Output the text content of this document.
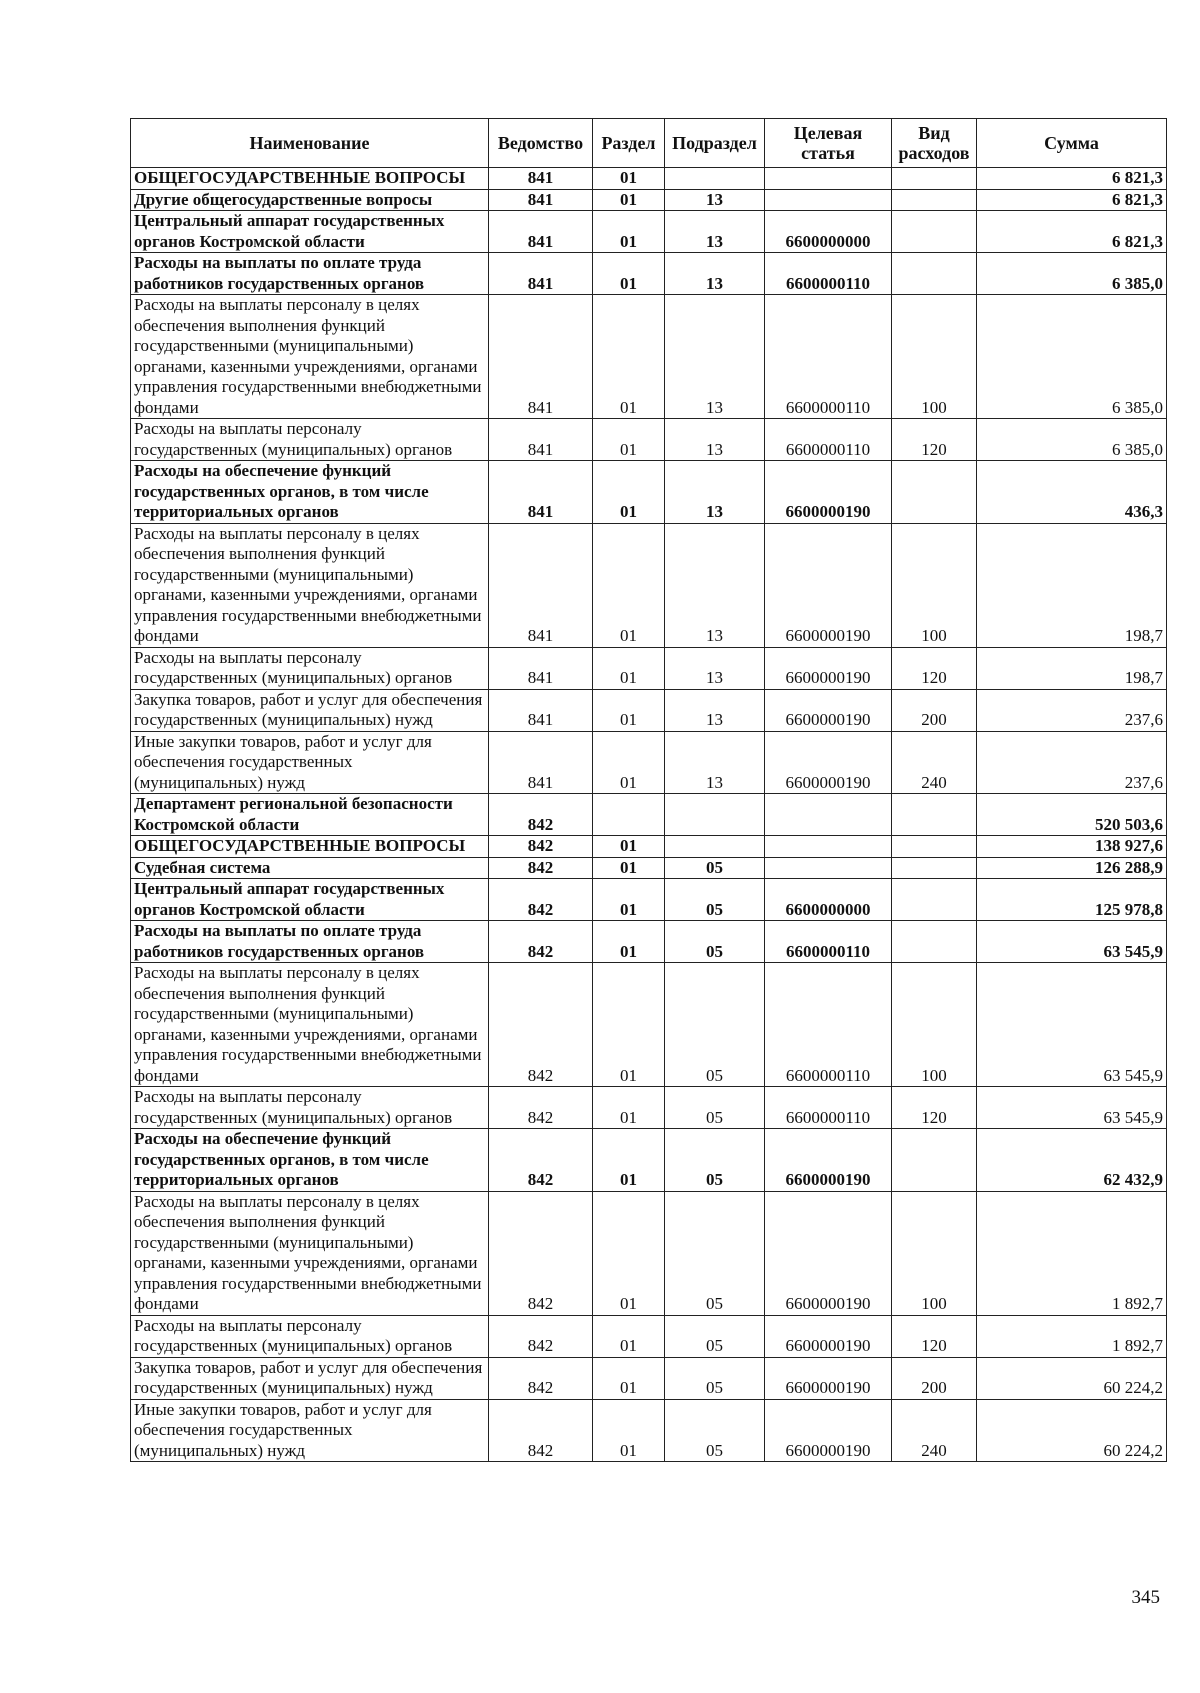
Наименование	Ведомство	Раздел	Подраздел	Целевая статья	Вид расходов	Сумма
ОБЩЕГОСУДАРСТВЕННЫЕ ВОПРОСЫ	841	01				6 821,3
Другие общегосударственные вопросы	841	01	13			6 821,3
Центральный аппарат государственных органов Костромской области	841	01	13	6600000000		6 821,3
Расходы на выплаты по оплате труда работников государственных органов	841	01	13	6600000110		6 385,0
Расходы на выплаты персоналу в целях обеспечения выполнения функций государственными (муниципальными) органами, казенными учреждениями, органами управления государственными внебюджетными фондами	841	01	13	6600000110	100	6 385,0
Расходы на выплаты персоналу государственных (муниципальных) органов	841	01	13	6600000110	120	6 385,0
Расходы на обеспечение функций государственных органов, в том числе территориальных органов	841	01	13	6600000190		436,3
Расходы на выплаты персоналу в целях обеспечения выполнения функций государственными (муниципальными) органами, казенными учреждениями, органами управления государственными внебюджетными фондами	841	01	13	6600000190	100	198,7
Расходы на выплаты персоналу государственных (муниципальных) органов	841	01	13	6600000190	120	198,7
Закупка товаров, работ и услуг для обеспечения государственных (муниципальных) нужд	841	01	13	6600000190	200	237,6
Иные закупки товаров, работ и услуг для обеспечения государственных (муниципальных) нужд	841	01	13	6600000190	240	237,6
Департамент региональной безопасности Костромской области	842					520 503,6
ОБЩЕГОСУДАРСТВЕННЫЕ ВОПРОСЫ	842	01				138 927,6
Судебная система	842	01	05			126 288,9
Центральный аппарат государственных органов Костромской области	842	01	05	6600000000		125 978,8
Расходы на выплаты по оплате труда работников государственных органов	842	01	05	6600000110		63 545,9
Расходы на выплаты персоналу в целях обеспечения выполнения функций государственными (муниципальными) органами, казенными учреждениями, органами управления государственными внебюджетными фондами	842	01	05	6600000110	100	63 545,9
Расходы на выплаты персоналу государственных (муниципальных) органов	842	01	05	6600000110	120	63 545,9
Расходы на обеспечение функций государственных органов, в том числе территориальных органов	842	01	05	6600000190		62 432,9
Расходы на выплаты персоналу в целях обеспечения выполнения функций государственными (муниципальными) органами, казенными учреждениями, органами управления государственными внебюджетными фондами	842	01	05	6600000190	100	1 892,7
Расходы на выплаты персоналу государственных (муниципальных) органов	842	01	05	6600000190	120	1 892,7
Закупка товаров, работ и услуг для обеспечения государственных (муниципальных) нужд	842	01	05	6600000190	200	60 224,2
Иные закупки товаров, работ и услуг для обеспечения государственных (муниципальных) нужд	842	01	05	6600000190	240	60 224,2
345
